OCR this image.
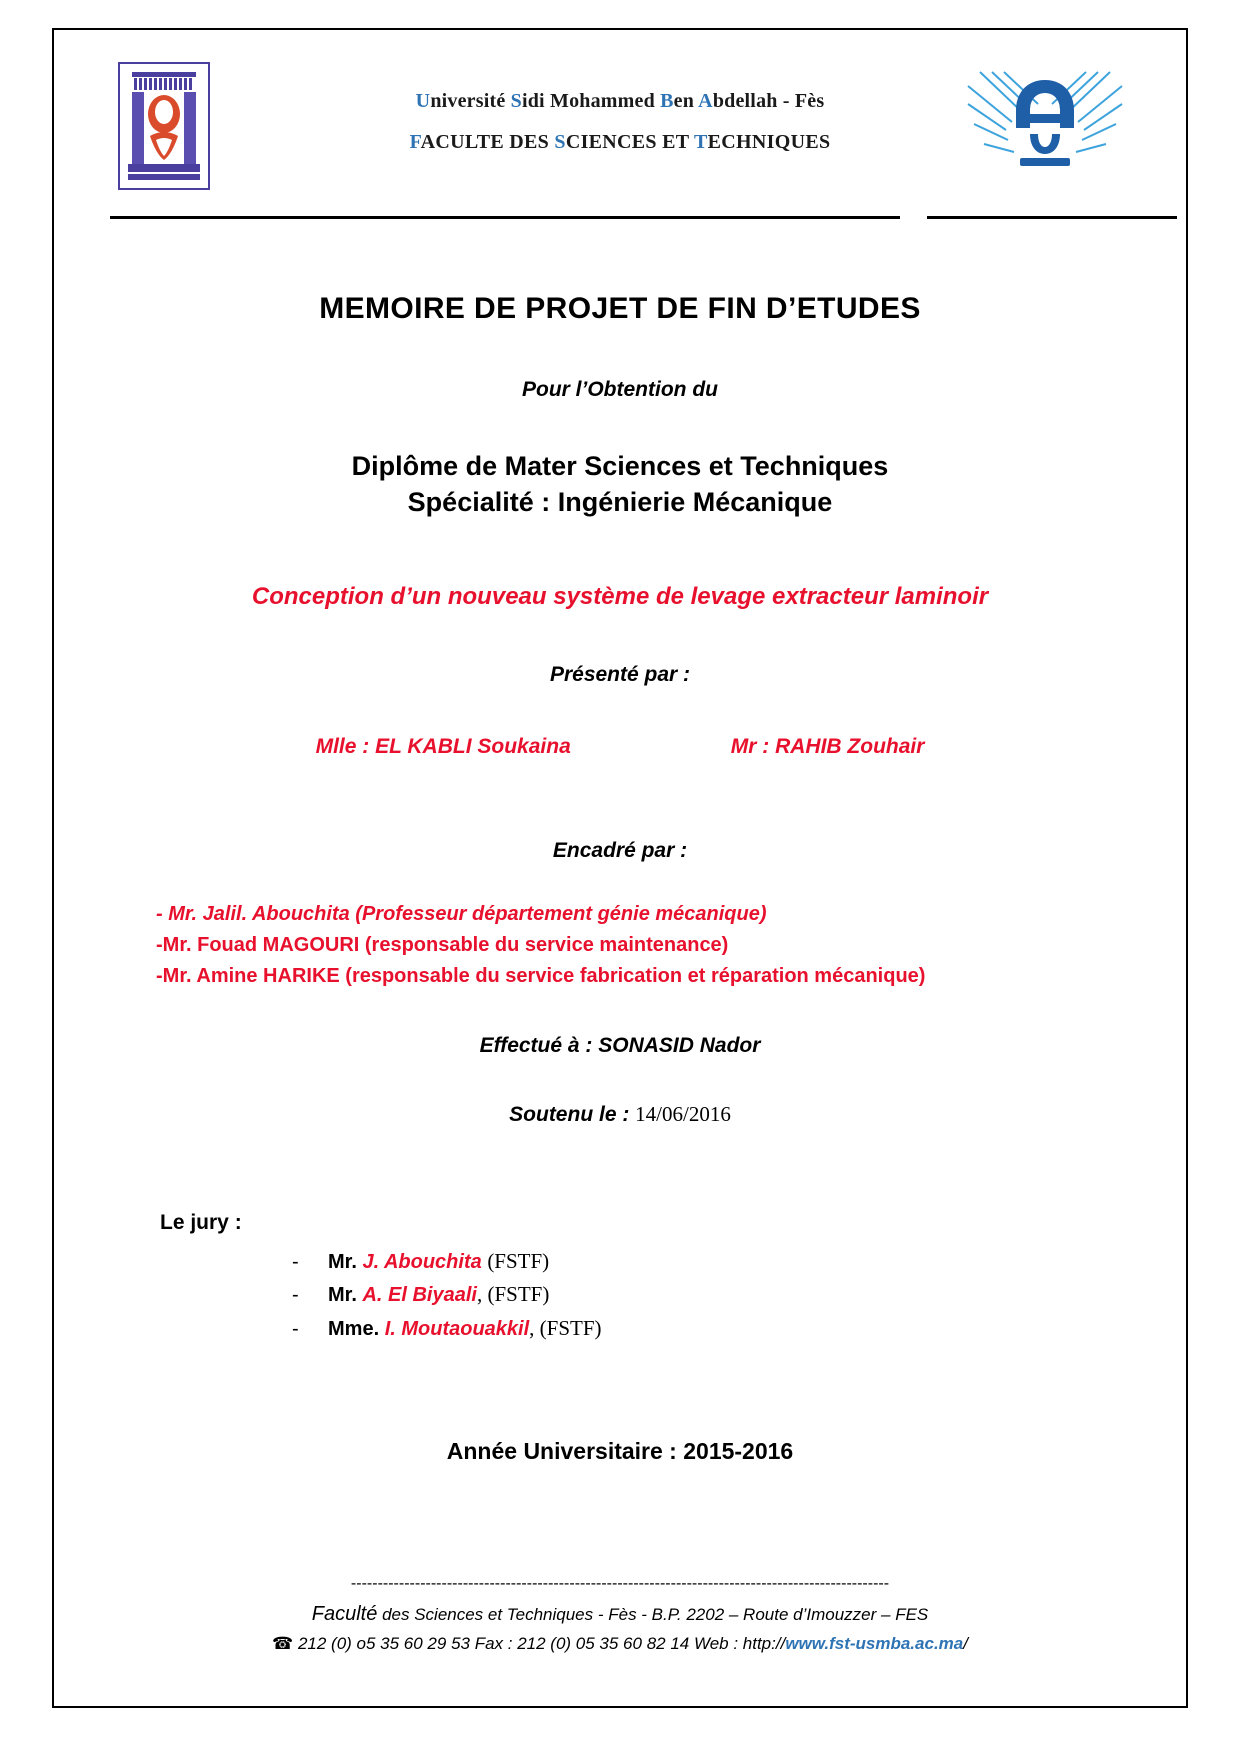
Université Sidi Mohammed Ben Abdellah - Fès
FACULTE DES SCIENCES ET TECHNIQUES
MEMOIRE DE PROJET DE FIN D’ETUDES
Pour l’Obtention du
Diplôme de Mater Sciences et Techniques
Spécialité : Ingénierie Mécanique
Conception d’un nouveau système de levage extracteur laminoir
Présenté par :
Mlle : EL KABLI Soukaina	Mr : RAHIB Zouhair
Encadré par :
- Mr. Jalil. Abouchita (Professeur département génie mécanique)
-Mr. Fouad MAGOURI (responsable du service maintenance)
-Mr. Amine HARIKE (responsable du service fabrication et réparation mécanique)
Effectué à : SONASID Nador
Soutenu le : 14/06/2016
Le jury :
- Mr. J. Abouchita (FSTF)
- Mr. A. El Biyaali, (FSTF)
- Mme. I. Moutaouakkil, (FSTF)
Année Universitaire : 2015-2016
-----------------------------------------------------------------------------------------------------
Faculté des Sciences et Techniques - Fès - B.P. 2202 – Route d’Imouzzer – FES
☎ 212 (0) o5 35 60 29 53 Fax : 212 (0) 05 35 60 82 14 Web : http://www.fst-usmba.ac.ma/
